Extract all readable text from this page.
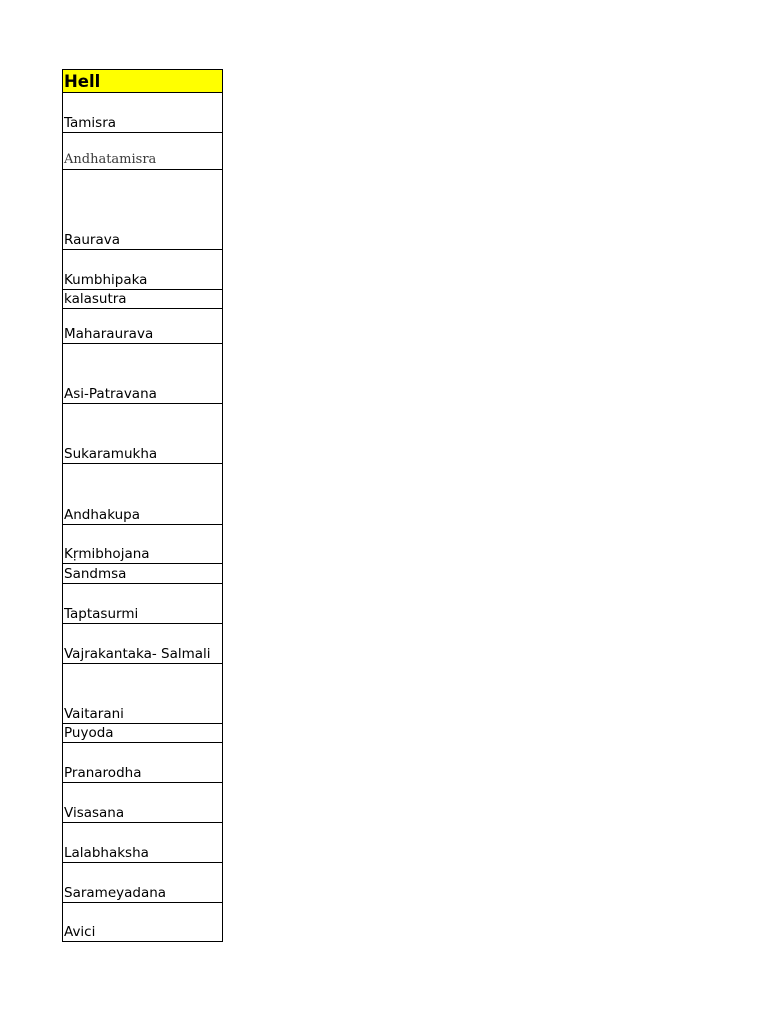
Hell
Tamisra
Andhatamisra
Raurava
Kumbhipaka
kalasutra
Maharaurava
Asi-Patravana
Sukaramukha
Andhakupa
Kṛmibhojana
Sandmsa
Taptasurmi
Vajrakantaka- Salmali
Vaitarani
Puyoda
Pranarodha
Visasana
Lalabhaksha
Sarameyadana
Avici
